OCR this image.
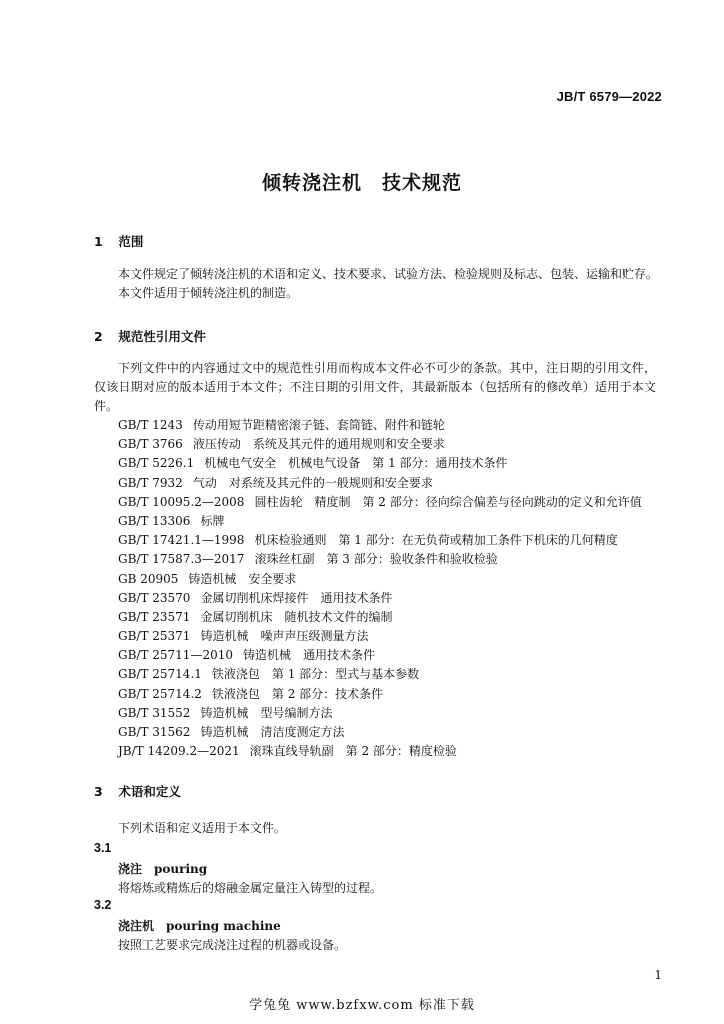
JB/T 6579—2022
倾转浇注机　技术规范
1 范围
本文件规定了倾转浇注机的术语和定义、技术要求、试验方法、检验规则及标志、包装、运输和贮存。
本文件适用于倾转浇注机的制造。
2 规范性引用文件
下列文件中的内容通过文中的规范性引用而构成本文件必不可少的条款。其中，注日期的引用文件，仅该日期对应的版本适用于本文件；不注日期的引用文件，其最新版本（包括所有的修改单）适用于本文件。
GB/T 1243 传动用短节距精密滚子链、套筒链、附件和链轮
GB/T 3766 液压传动　系统及其元件的通用规则和安全要求
GB/T 5226.1 机械电气安全　机械电气设备　第 1 部分：通用技术条件
GB/T 7932 气动　对系统及其元件的一般规则和安全要求
GB/T 10095.2—2008 圆柱齿轮　精度制　第 2 部分：径向综合偏差与径向跳动的定义和允许值
GB/T 13306 标牌
GB/T 17421.1—1998 机床检验通则　第 1 部分：在无负荷或精加工条件下机床的几何精度
GB/T 17587.3—2017 滚珠丝杠副　第 3 部分：验收条件和验收检验
GB 20905 铸造机械　安全要求
GB/T 23570 金属切削机床焊接件　通用技术条件
GB/T 23571 金属切削机床　随机技术文件的编制
GB/T 25371 铸造机械　噪声声压级测量方法
GB/T 25711—2010 铸造机械　通用技术条件
GB/T 25714.1 铁液浇包　第 1 部分：型式与基本参数
GB/T 25714.2 铁液浇包　第 2 部分：技术条件
GB/T 31552 铸造机械　型号编制方法
GB/T 31562 铸造机械　清洁度测定方法
JB/T 14209.2—2021 滚珠直线导轨副　第 2 部分：精度检验
3 术语和定义
下列术语和定义适用于本文件。
3.1
浇注 pouring
将熔炼或精炼后的熔融金属定量注入铸型的过程。
3.2
浇注机 pouring machine
按照工艺要求完成浇注过程的机器或设备。
1
学兔兔 www.bzfxw.com 标准下载
